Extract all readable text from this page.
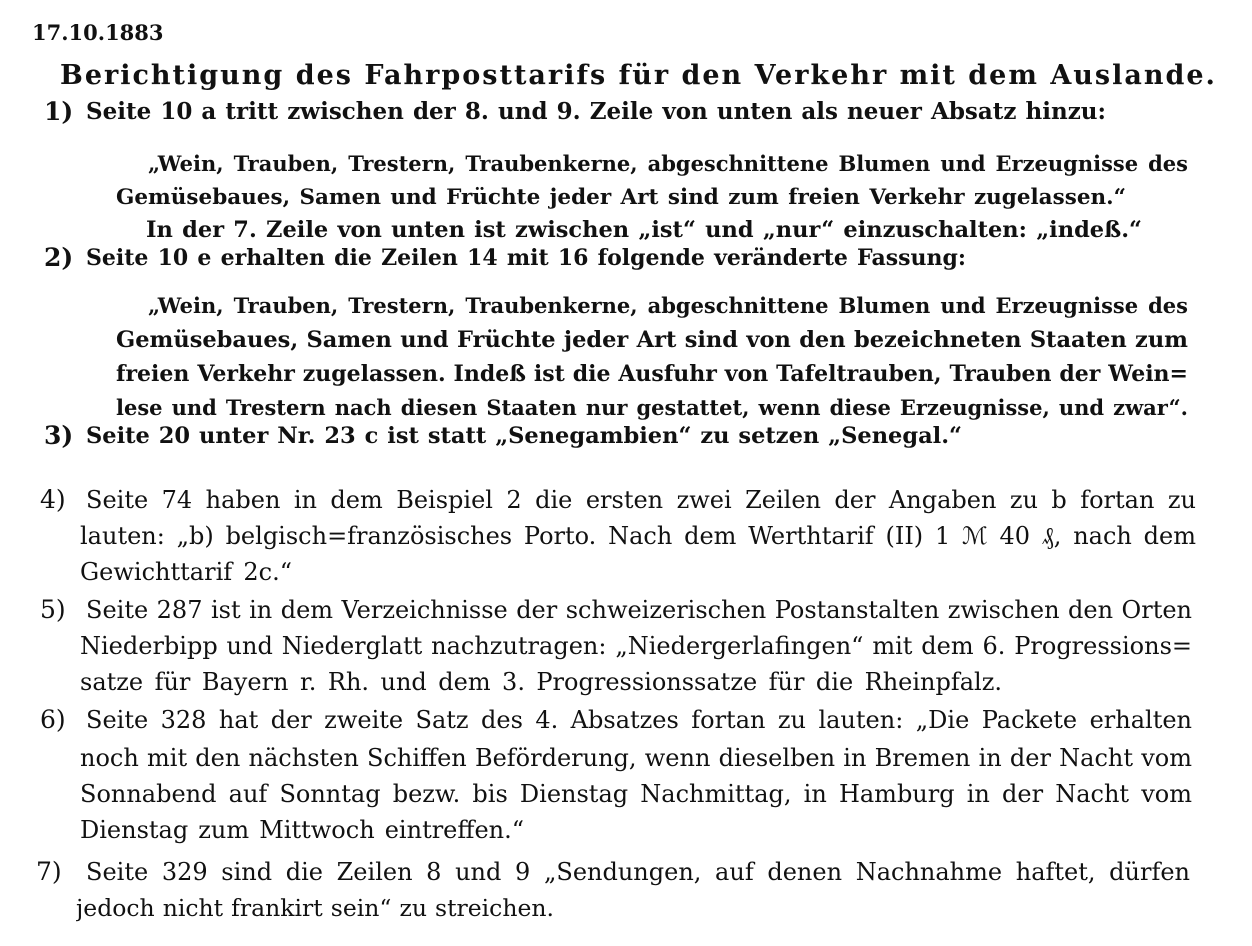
17.10.1883
Berichtigung des Fahrposttarifs für den Verkehr mit dem Auslande.
1) Seite 10 a tritt zwischen der 8. und 9. Zeile von unten als neuer Absatz hinzu:
„Wein, Trauben, Trestern, Traubenkerne, abgeschnittene Blumen und Erzeugnisse des
Gemüsebaues, Samen und Früchte jeder Art sind zum freien Verkehr zugelassen.“
In der 7. Zeile von unten ist zwischen „ist“ und „nur“ einzuschalten: „indeß.“
2) Seite 10 e erhalten die Zeilen 14 mit 16 folgende veränderte Fassung:
„Wein, Trauben, Trestern, Traubenkerne, abgeschnittene Blumen und Erzeugnisse des
Gemüsebaues, Samen und Früchte jeder Art sind von den bezeichneten Staaten zum
freien Verkehr zugelassen. Indeß ist die Ausfuhr von Tafeltrauben, Trauben der Wein=
lese und Trestern nach diesen Staaten nur gestattet, wenn diese Erzeugnisse, und zwar“.
3) Seite 20 unter Nr. 23 c ist statt „Senegambien“ zu setzen „Senegal.“
4) Seite 74 haben in dem Beispiel 2 die ersten zwei Zeilen der Angaben zu b fortan zu
lauten: „b) belgisch=französisches Porto. Nach dem Werthtarif (II) 1 ℳ 40 ₰, nach dem
Gewichttarif 2c.“
5) Seite 287 ist in dem Verzeichnisse der schweizerischen Postanstalten zwischen den Orten
Niederbipp und Niederglatt nachzutragen: „Niedergerlafingen“ mit dem 6. Progressions=
satze für Bayern r. Rh. und dem 3. Progressionssatze für die Rheinpfalz.
6) Seite 328 hat der zweite Satz des 4. Absatzes fortan zu lauten: „Die Packete erhalten
noch mit den nächsten Schiffen Beförderung, wenn dieselben in Bremen in der Nacht vom
Sonnabend auf Sonntag bezw. bis Dienstag Nachmittag, in Hamburg in der Nacht vom
Dienstag zum Mittwoch eintreffen.“
7) Seite 329 sind die Zeilen 8 und 9 „Sendungen, auf denen Nachnahme haftet, dürfen
jedoch nicht frankirt sein“ zu streichen.
